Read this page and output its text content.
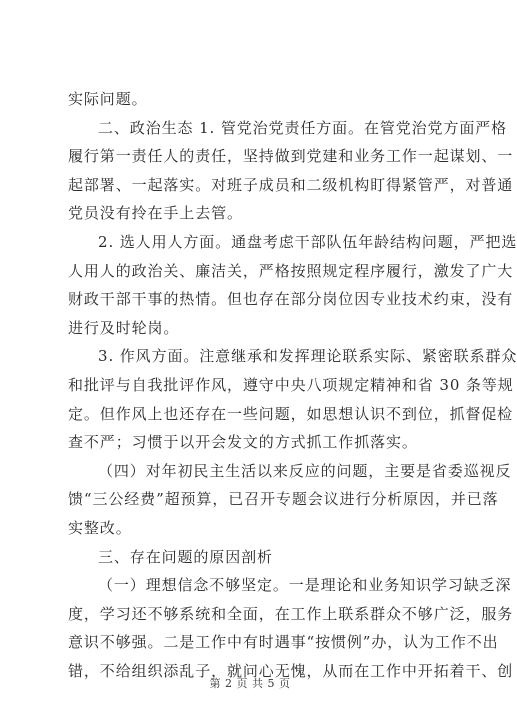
实际问题。
二、政治生态 1. 管党治党责任方面。在管党治党方面严格
履行第一责任人的责任，坚持做到党建和业务工作一起谋划、一
起部署、一起落实。对班子成员和二级机构盯得紧管严，对普通
党员没有拎在手上去管。
2. 选人用人方面。通盘考虑干部队伍年龄结构问题，严把选
人用人的政治关、廉洁关，严格按照规定程序履行，激发了广大
财政干部干事的热情。但也存在部分岗位因专业技术约束，没有
进行及时轮岗。
3. 作风方面。注意继承和发挥理论联系实际、紧密联系群众
和批评与自我批评作风，遵守中央八项规定精神和省 30 条等规
定。但作风上也还存在一些问题，如思想认识不到位，抓督促检
查不严；习惯于以开会发文的方式抓工作抓落实。
（四）对年初民主生活以来反应的问题，主要是省委巡视反
馈“三公经费”超预算，已召开专题会议进行分析原因，并已落
实整改。
三、存在问题的原因剖析
（一）理想信念不够坚定。一是理论和业务知识学习缺乏深
度，学习还不够系统和全面，在工作上联系群众不够广泛，服务
意识不够强。二是工作中有时遇事“按惯例”办，认为工作不出
错，不给组织添乱子，就问心无愧，从而在工作中开拓着干、创
第 2 页 共 5 页
